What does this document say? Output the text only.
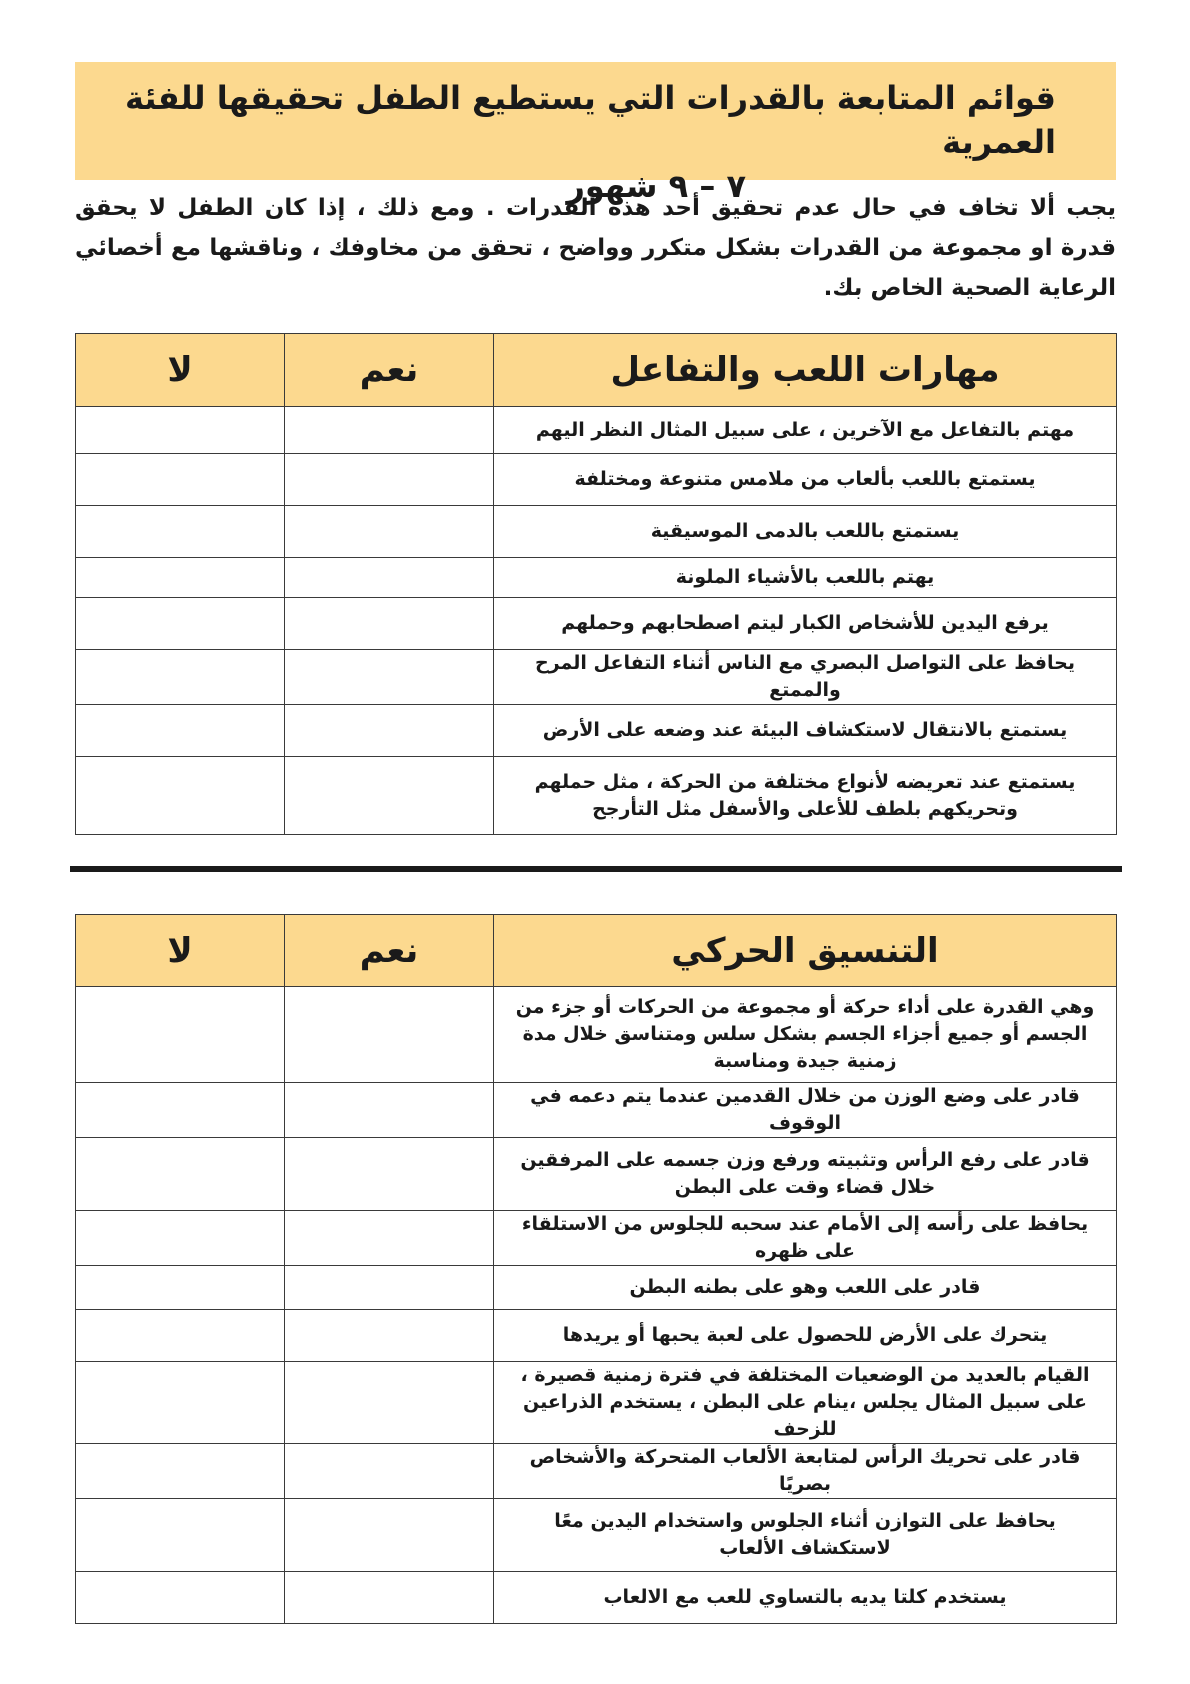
قوائم المتابعة بالقدرات التي يستطيع الطفل تحقيقها للفئة العمرية
٧ – ٩ شهور
يجب ألا تخاف في حال عدم تحقيق أحد هذه القدرات . ومع ذلك ، إذا كان الطفل لا يحقق قدرة او مجموعة من القدرات بشكل متكرر وواضح ، تحقق من مخاوفك ، وناقشها مع أخصائي الرعاية الصحية الخاص بك.
مهارات اللعب والتفاعل	نعم	لا
مهتم بالتفاعل مع الآخرين ، على سبيل المثال النظر اليهم		
يستمتع باللعب بألعاب من ملامس متنوعة ومختلفة		
يستمتع باللعب بالدمى الموسيقية		
يهتم باللعب بالأشياء الملونة		
يرفع اليدين للأشخاص الكبار ليتم اصطحابهم وحملهم		
يحافظ على التواصل البصري مع الناس أثناء التفاعل المرح والممتع		
يستمتع بالانتقال لاستكشاف البيئة عند وضعه على الأرض		
يستمتع عند تعريضه لأنواع مختلفة من الحركة ، مثل حملهم وتحريكهم بلطف للأعلى والأسفل مثل التأرجح		
التنسيق الحركي	نعم	لا
وهي القدرة على أداء حركة أو مجموعة من الحركات أو جزء من الجسم أو جميع أجزاء الجسم بشكل سلس ومتناسق خلال مدة زمنية جيدة ومناسبة		
قادر على وضع الوزن من خلال القدمين عندما يتم دعمه في الوقوف		
قادر على رفع الرأس وتثبيته ورفع وزن جسمه على المرفقين خلال قضاء وقت على البطن		
يحافظ على رأسه إلى الأمام عند سحبه للجلوس من الاستلقاء على ظهره		
قادر على اللعب وهو على بطنه البطن		
يتحرك على الأرض للحصول على لعبة يحبها أو يريدها		
القيام بالعديد من الوضعيات المختلفة في فترة زمنية قصيرة ، على سبيل المثال يجلس ،ينام على البطن ، يستخدم الذراعين للزحف		
قادر على تحريك الرأس لمتابعة الألعاب المتحركة والأشخاص بصريًا		
يحافظ على التوازن أثناء الجلوس واستخدام اليدين معًا لاستكشاف الألعاب		
يستخدم كلتا يديه بالتساوي للعب مع الالعاب		
